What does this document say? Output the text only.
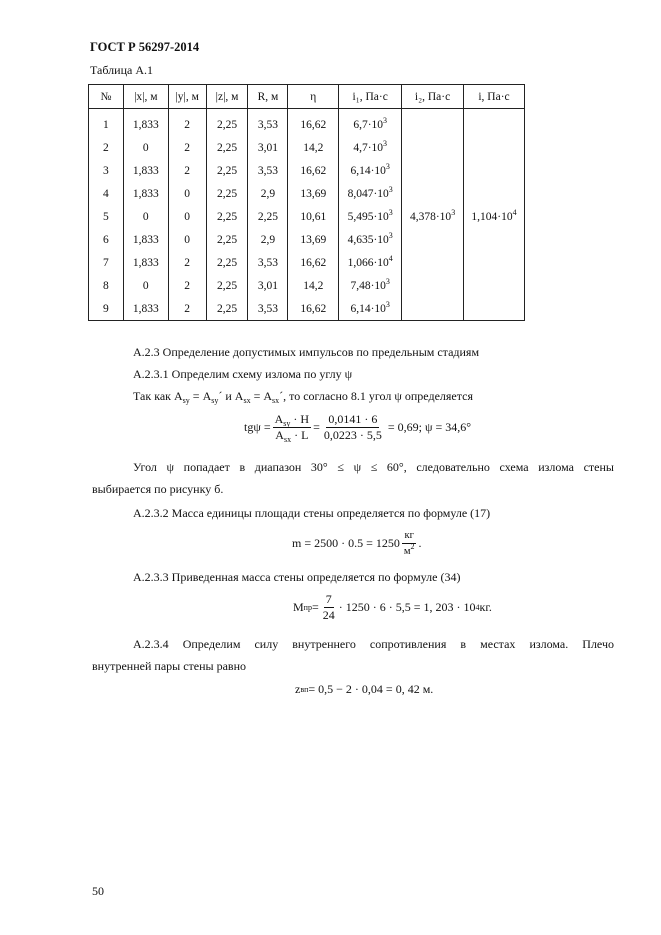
ГОСТ Р 56297-2014
Таблица А.1
№	|x|, м	|y|, м	|z|, м	R, м	η	i₁, Па·с	i₂, Па·с	i, Па·с
1	1,833	2	2,25	3,53	16,62	$6,7\cdot 10^3$	$4,378\cdot 10^3$	$1,104\cdot 10^4$
2	0	2	2,25	3,01	14,2	$4,7\cdot 10^3$
3	1,833	2	2,25	3,53	16,62	$6,14\cdot 10^3$
4	1,833	0	2,25	2,9	13,69	$8,047\cdot 10^3$
5	0	0	2,25	2,25	10,61	$5,495\cdot 10^3$
6	1,833	0	2,25	2,9	13,69	$4,635\cdot 10^3$
7	1,833	2	2,25	3,53	16,62	$1,066\cdot 10^4$
8	0	2	2,25	3,01	14,2	$7,48\cdot 10^3$
9	1,833	2	2,25	3,53	16,62	$6,14\cdot 10^3$
А.2.3 Определение допустимых импульсов по предельным стадиям
А.2.3.1 Определим схему излома по углу ψ
Так как $А_{sy}$ = $А_{sy}´$ и $А_{sx}$ = $А_{sx}´$, то согласно 8.1 угол ψ определяется
$tg\psi = \frac{А_{sy} \cdot H}{А_{sx} \cdot L} = \frac{0,0141 \cdot 6}{0,0223 \cdot 5,5} = 0,69$; ψ = 34,6°
Угол ψ попадает в диапазон 30° ≤ ψ ≤ 60°, следовательно схема излома стены
выбирается по рисунку б.
А.2.3.2 Масса единицы площади стены определяется по формуле (17)
$m = 2500 \cdot 0.5 = 1250 \frac{кг}{м^2}$ .
А.2.3.3 Приведенная масса стены определяется по формуле (34)
M пр = $\frac{7}{24} \cdot 1250 \cdot 6 \cdot 5,5 = 1$, 203 · 10 4 кг.
А.2.3.4 Определим силу внутреннего сопротивления в местах излома. Плечо
внутренней пары стены равно
z вп = 0,5 − 2 · 0,04 = 0, 42 м.
50
